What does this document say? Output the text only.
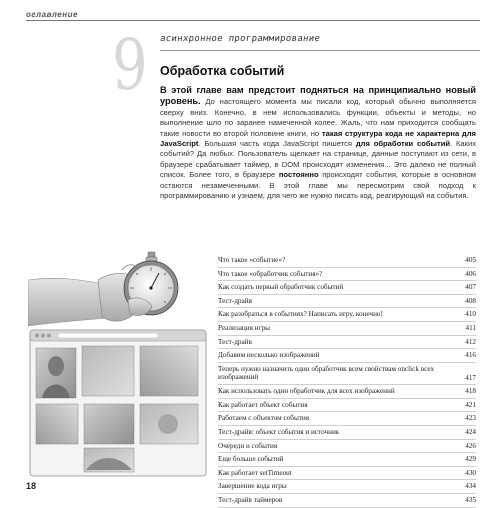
оглавление
9 асинхронное программирование
Обработка событий
В этой главе вам предстоит подняться на принципиально новый уровень. До настоящего момента мы писали код, который обычно выполняется сверху вниз. Конечно, в нем использовались функции, объекты и методы, но выполнение шло по заранее намеченной колее. Жаль, что нам приходится сообщать такие новости во второй половине книги, но такая структура кода не характерна для JavaScript. Большая часть кода JavaScript пишется для обработки событий. Каких событий? Да любых. Пользователь щелкает на странице, данные поступают из сети, в браузере срабатывает таймер, в DOM происходят изменения... Это далеко не полный список. Более того, в браузере постоянно происходят события, которые в основном остаются незамеченными. В этой главе мы пересмотрим свой подход к программированию и узнаем, для чего же нужно писать код, реагирующий на события.
Что такое «событие»?	405
Что такое «обработчик события»?	406
Как создать первый обработчик событий	407
Тест-драйв	408
Как разобраться в событиях? Написать игру, конечно!	410
Реализация игры	411
Тест-драйв	412
Добавим несколько изображений	416
Теперь нужно назначить один обработчик всем свойствам onclick всех изображений	417
Как использовать один обработчик для всех изображений	418
Как работает объект события	421
Работаем с объектом события	423
Тест-драйв: объект события и источник	424
Очереди и события	426
Еще больше событий	429
Как работает setTimeout	430
Завершение кода игры	434
Тест-драйв таймеров	435
18
